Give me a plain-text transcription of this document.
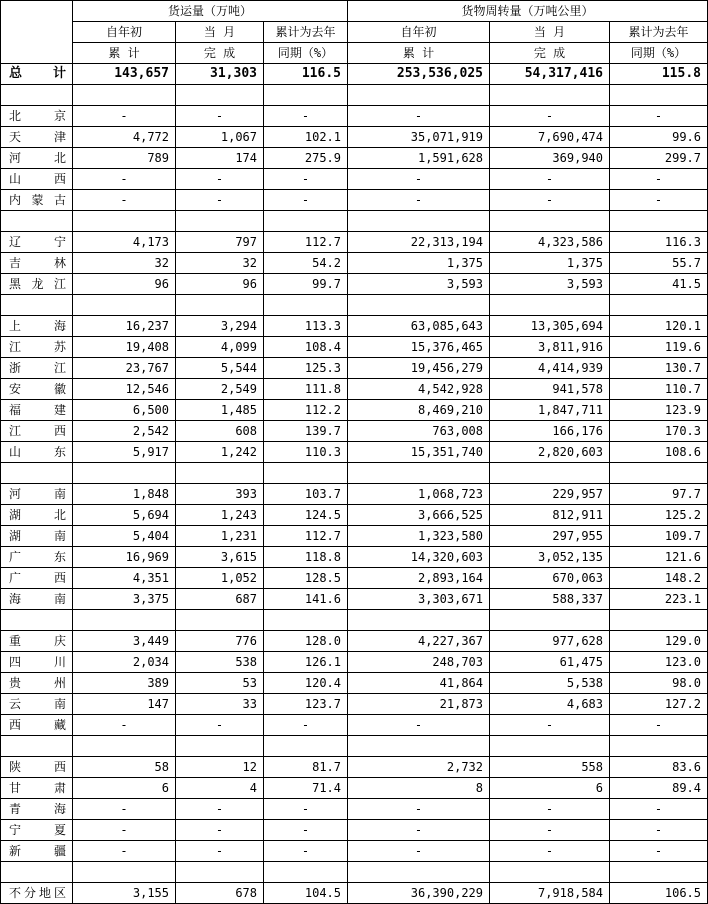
	货运量（万吨）			货物周转量（万吨公里）		
	自年初	当 月	累计为去年	自年初	当 月	累计为去年
	累 计	完 成	同期（%）	累 计	完 成	同期（%）
总 计	143,657	31,303	116.5	253,536,025	54,317,416	115.8

北 京	-	-	-	-	-	-
天 津	4,772	1,067	102.1	35,071,919	7,690,474	99.6
河 北	789	174	275.9	1,591,628	369,940	299.7
山 西	-	-	-	-	-	-
内蒙古	-	-	-	-	-	-

辽 宁	4,173	797	112.7	22,313,194	4,323,586	116.3
吉 林	32	32	54.2	1,375	1,375	55.7
黑龙江	96	96	99.7	3,593	3,593	41.5

上 海	16,237	3,294	113.3	63,085,643	13,305,694	120.1
江 苏	19,408	4,099	108.4	15,376,465	3,811,916	119.6
浙 江	23,767	5,544	125.3	19,456,279	4,414,939	130.7
安 徽	12,546	2,549	111.8	4,542,928	941,578	110.7
福 建	6,500	1,485	112.2	8,469,210	1,847,711	123.9
江 西	2,542	608	139.7	763,008	166,176	170.3
山 东	5,917	1,242	110.3	15,351,740	2,820,603	108.6

河 南	1,848	393	103.7	1,068,723	229,957	97.7
湖 北	5,694	1,243	124.5	3,666,525	812,911	125.2
湖 南	5,404	1,231	112.7	1,323,580	297,955	109.7
广 东	16,969	3,615	118.8	14,320,603	3,052,135	121.6
广 西	4,351	1,052	128.5	2,893,164	670,063	148.2
海 南	3,375	687	141.6	3,303,671	588,337	223.1

重 庆	3,449	776	128.0	4,227,367	977,628	129.0
四 川	2,034	538	126.1	248,703	61,475	123.0
贵 州	389	53	120.4	41,864	5,538	98.0
云 南	147	33	123.7	21,873	4,683	127.2
西 藏	-	-	-	-	-	-

陕 西	58	12	81.7	2,732	558	83.6
甘 肃	6	4	71.4	8	6	89.4
青 海	-	-	-	-	-	-
宁 夏	-	-	-	-	-	-
新 疆	-	-	-	-	-	-

不分地区	3,155	678	104.5	36,390,229	7,918,584	106.5
